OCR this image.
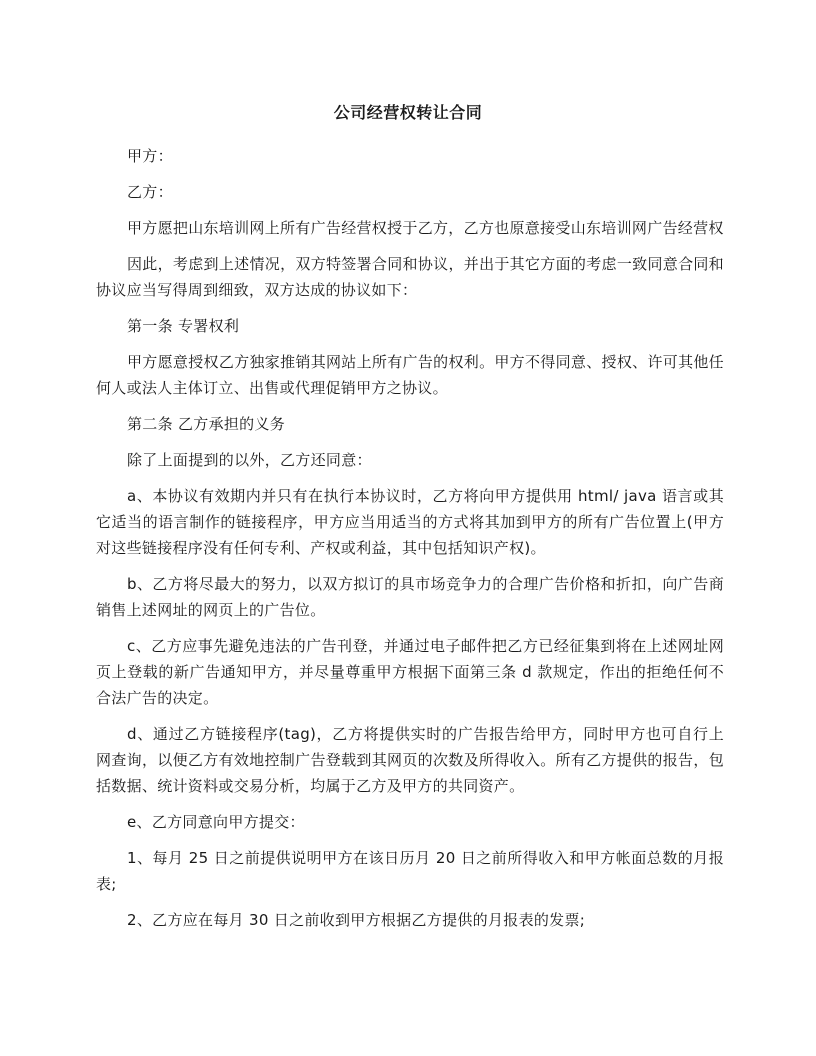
公司经营权转让合同

甲方：

乙方：

甲方愿把山东培训网上所有广告经营权授于乙方，乙方也原意接受山东培训网广告经营权

因此，考虑到上述情况，双方特签署合同和协议，并出于其它方面的考虑一致同意合同和协议应当写得周到细致，双方达成的协议如下：

第一条 专署权利

甲方愿意授权乙方独家推销其网站上所有广告的权利。甲方不得同意、授权、许可其他任何人或法人主体订立、出售或代理促销甲方之协议。

第二条 乙方承担的义务

除了上面提到的以外，乙方还同意：

a、本协议有效期内并只有在执行本协议时，乙方将向甲方提供用 html/ java 语言或其它适当的语言制作的链接程序，甲方应当用适当的方式将其加到甲方的所有广告位置上(甲方对这些链接程序没有任何专利、产权或利益，其中包括知识产权)。

b、乙方将尽最大的努力，以双方拟订的具市场竞争力的合理广告价格和折扣，向广告商销售上述网址的网页上的广告位。

c、乙方应事先避免违法的广告刊登，并通过电子邮件把乙方已经征集到将在上述网址网页上登载的新广告通知甲方，并尽量尊重甲方根据下面第三条 d 款规定，作出的拒绝任何不合法广告的决定。

d、通过乙方链接程序(tag)，乙方将提供实时的广告报告给甲方，同时甲方也可自行上网查询，以便乙方有效地控制广告登载到其网页的次数及所得收入。所有乙方提供的报告，包括数据、统计资料或交易分析，均属于乙方及甲方的共同资产。

e、乙方同意向甲方提交：

1、每月 25 日之前提供说明甲方在该日历月 20 日之前所得收入和甲方帐面总数的月报表;

2、乙方应在每月 30 日之前收到甲方根据乙方提供的月报表的发票;
